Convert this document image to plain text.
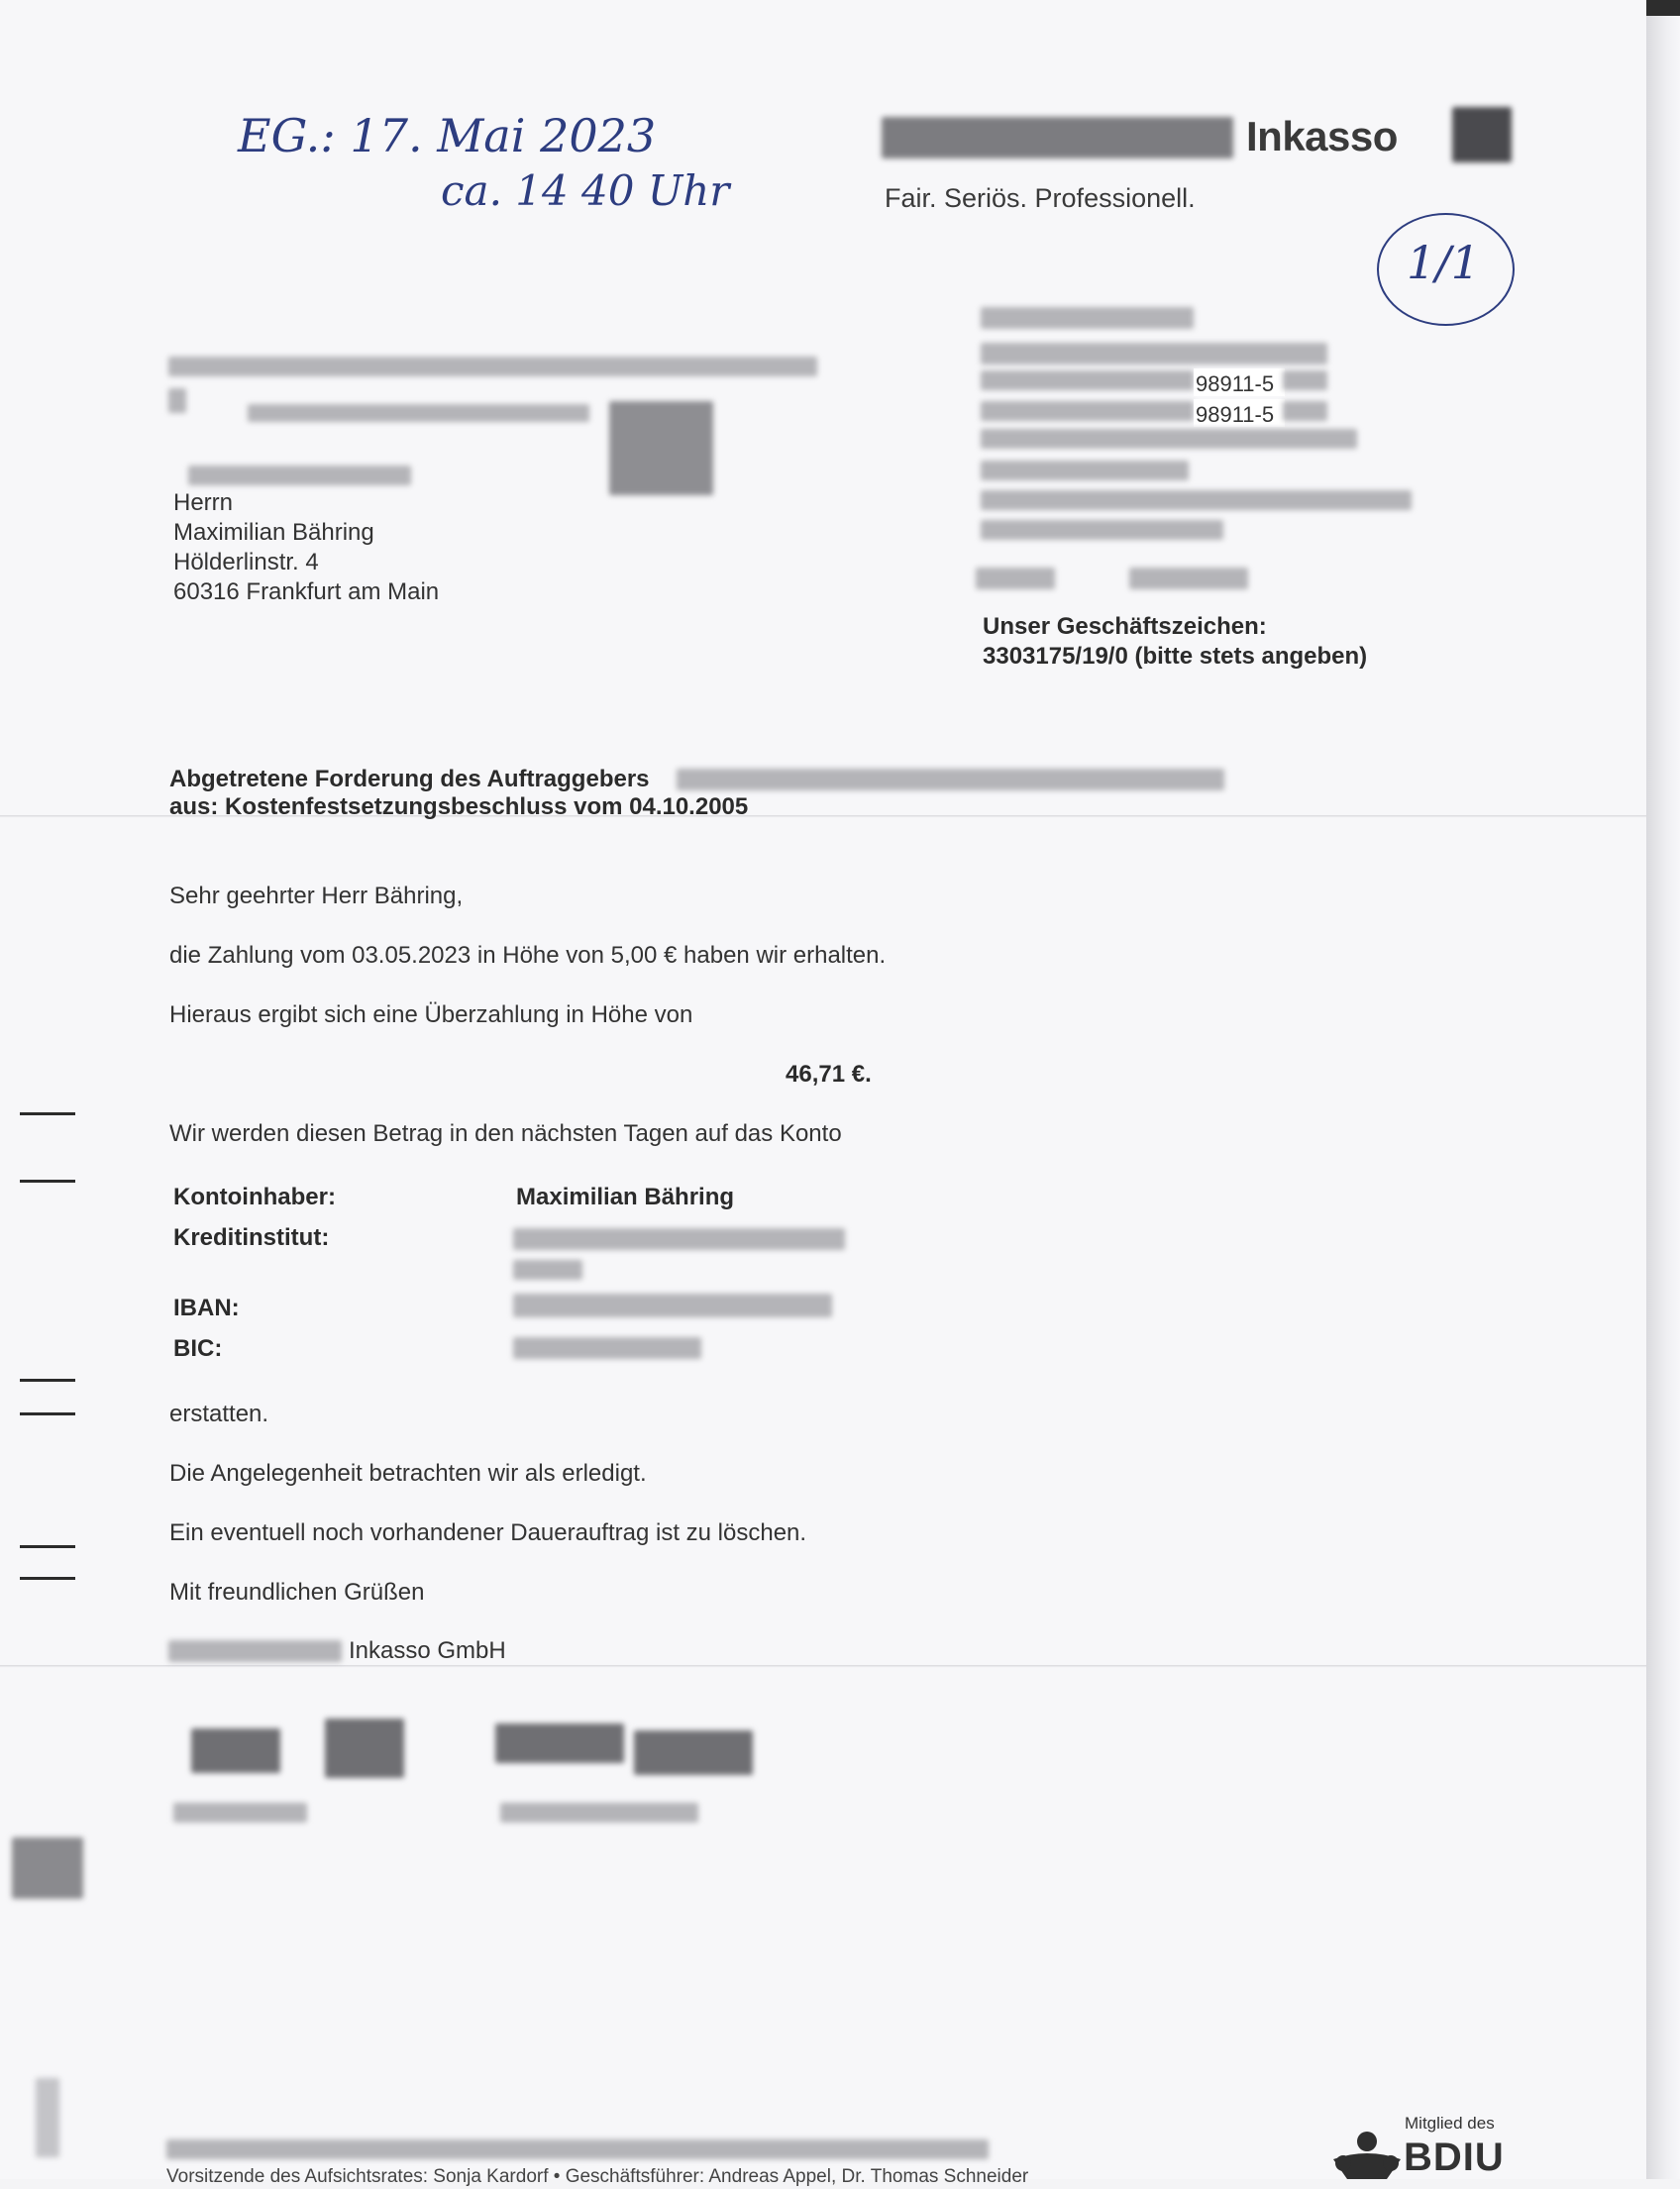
EG.: 17. Mai 2023
ca. 14 40 Uhr
1/1
Inkasso
Fair. Seriös. Professionell.
Herrn
Maximilian Bähring
Hölderlinstr. 4
60316 Frankfurt am Main
98911-5
98911-5
Unser Geschäftszeichen:
3303175/19/0 (bitte stets angeben)
Abgetretene Forderung des Auftraggebers
aus: Kostenfestsetzungsbeschluss vom 04.10.2005
Sehr geehrter Herr Bähring,
die Zahlung vom 03.05.2023 in Höhe von 5,00 € haben wir erhalten.
Hieraus ergibt sich eine Überzahlung in Höhe von
46,71 €.
Wir werden diesen Betrag in den nächsten Tagen auf das Konto
Kontoinhaber:	Maximilian Bähring
Kreditinstitut:
IBAN:
BIC:
erstatten.
Die Angelegenheit betrachten wir als erledigt.
Ein eventuell noch vorhandener Dauerauftrag ist zu löschen.
Mit freundlichen Grüßen
Inkasso GmbH
Vorsitzende des Aufsichtsrates: Sonja Kardorf • Geschäftsführer: Andreas Appel, Dr. Thomas Schneider
Mitglied des
BDIU
